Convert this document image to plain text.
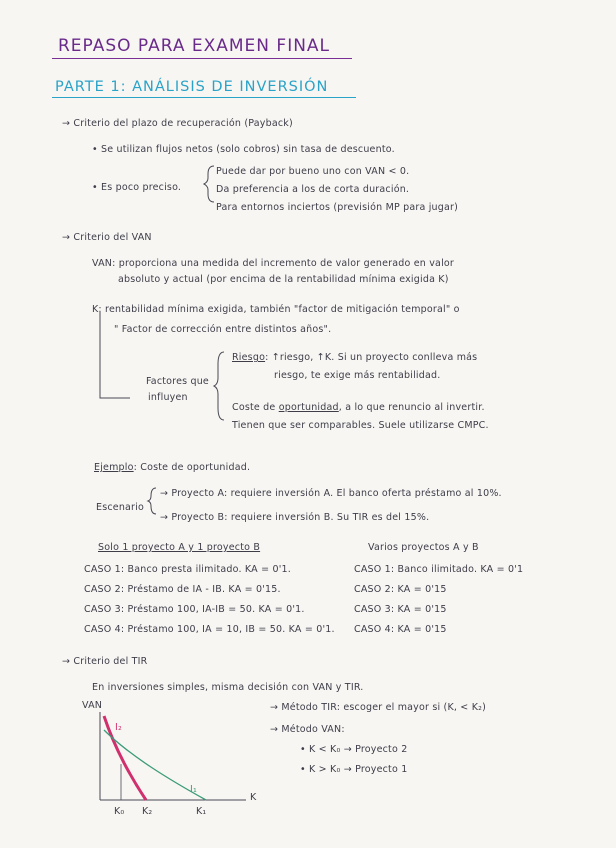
REPASO PARA EXAMEN FINAL
PARTE 1: ANÁLISIS DE INVERSIÓN
→ Criterio del plazo de recuperación (Payback)
• Se utilizan flujos netos (solo cobros) sin tasa de descuento.
• Es poco preciso.
Puede dar por bueno uno con VAN < 0.
Da preferencia a los de corta duración.
Para entornos inciertos (previsión MP para jugar)
→ Criterio del VAN
VAN: proporciona una medida del incremento de valor generado en valor
absoluto y actual (por encima de la rentabilidad mínima exigida K)
K: rentabilidad mínima exigida, también "factor de mitigación temporal" o
" Factor de corrección entre distintos años".
Factores que
influyen
Riesgo: ↑riesgo, ↑K. Si un proyecto conlleva más
riesgo, te exige más rentabilidad.
Coste de oportunidad, a lo que renuncio al invertir.
Tienen que ser comparables. Suele utilizarse CMPC.
Ejemplo: Coste de oportunidad.
Escenario
→ Proyecto A: requiere inversión A. El banco oferta préstamo al 10%.
→ Proyecto B: requiere inversión B. Su TIR es del 15%.
Solo 1 proyecto A y 1 proyecto B	Varios proyectos A y B
CASO 1: Banco presta ilimitado. KA = 0'1.
CASO 2: Préstamo de IA - IB. KA = 0'15.
CASO 3: Préstamo 100, IA-IB = 50. KA = 0'1.
CASO 4: Préstamo 100, IA = 10, IB = 50. KA = 0'1.
CASO 1: Banco ilimitado. KA = 0'1
CASO 2: KA = 0'15
CASO 3: KA = 0'15
CASO 4: KA = 0'15
→ Criterio del TIR
En inversiones simples, misma decisión con VAN y TIR.
→ Método TIR: escoger el mayor si (K, < K₂)
→ Método VAN:
• K < K₀ → Proyecto 2
• K > K₀ → Proyecto 1
VAN
K
I₂
I₁
K₀ K₂	K₁
